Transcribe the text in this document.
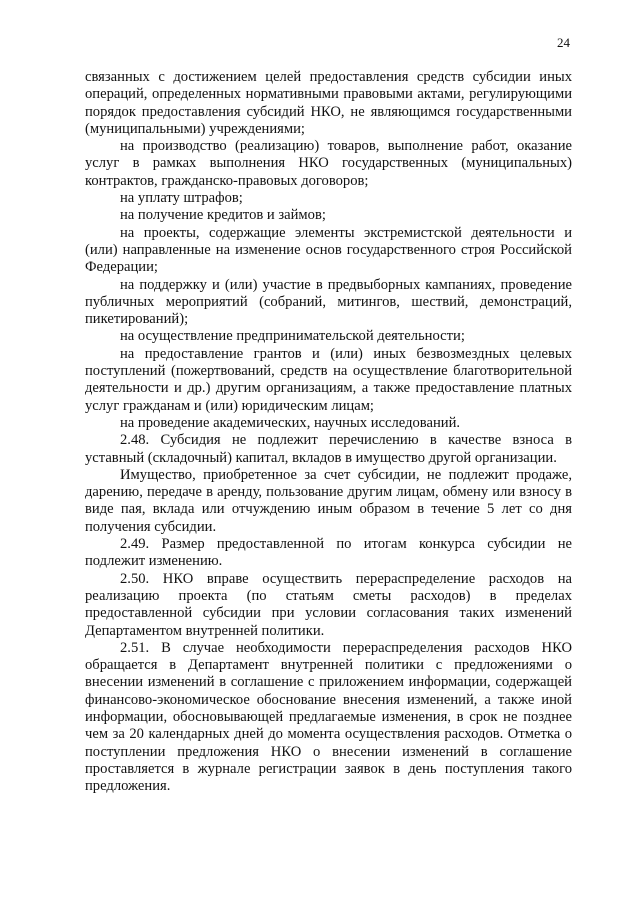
24

связанных с достижением целей предоставления средств субсидии иных операций, определенных нормативными правовыми актами, регулирующими порядок предоставления субсидий НКО, не являющимся государственными (муниципальными) учреждениями;

на производство (реализацию) товаров, выполнение работ, оказание услуг в рамках выполнения НКО государственных (муниципальных) контрактов, гражданско-правовых договоров;

на уплату штрафов;

на получение кредитов и займов;

на проекты, содержащие элементы экстремистской деятельности и (или) направленные на изменение основ государственного строя Российской Федерации;

на поддержку и (или) участие в предвыборных кампаниях, проведение публичных мероприятий (собраний, митингов, шествий, демонстраций, пикетирований);

на осуществление предпринимательской деятельности;

на предоставление грантов и (или) иных безвозмездных целевых поступлений (пожертвований, средств на осуществление благотворительной деятельности и др.) другим организациям, а также предоставление платных услуг гражданам и (или) юридическим лицам;

на проведение академических, научных исследований.

2.48. Субсидия не подлежит перечислению в качестве взноса в уставный (складочный) капитал, вкладов в имущество другой организации.

Имущество, приобретенное за счет субсидии, не подлежит продаже, дарению, передаче в аренду, пользование другим лицам, обмену или взносу в виде пая, вклада или отчуждению иным образом в течение 5 лет со дня получения субсидии.

2.49. Размер предоставленной по итогам конкурса субсидии не подлежит изменению.

2.50. НКО вправе осуществить перераспределение расходов на реализацию проекта (по статьям сметы расходов) в пределах предоставленной субсидии при условии согласования таких изменений Департаментом внутренней политики.

2.51. В случае необходимости перераспределения расходов НКО обращается в Департамент внутренней политики с предложениями о внесении изменений в соглашение с приложением информации, содержащей финансово-экономическое обоснование внесения изменений, а также иной информации, обосновывающей предлагаемые изменения, в срок не позднее чем за 20 календарных дней до момента осуществления расходов. Отметка о поступлении предложения НКО о внесении изменений в соглашение проставляется в журнале регистрации заявок в день поступления такого предложения.
